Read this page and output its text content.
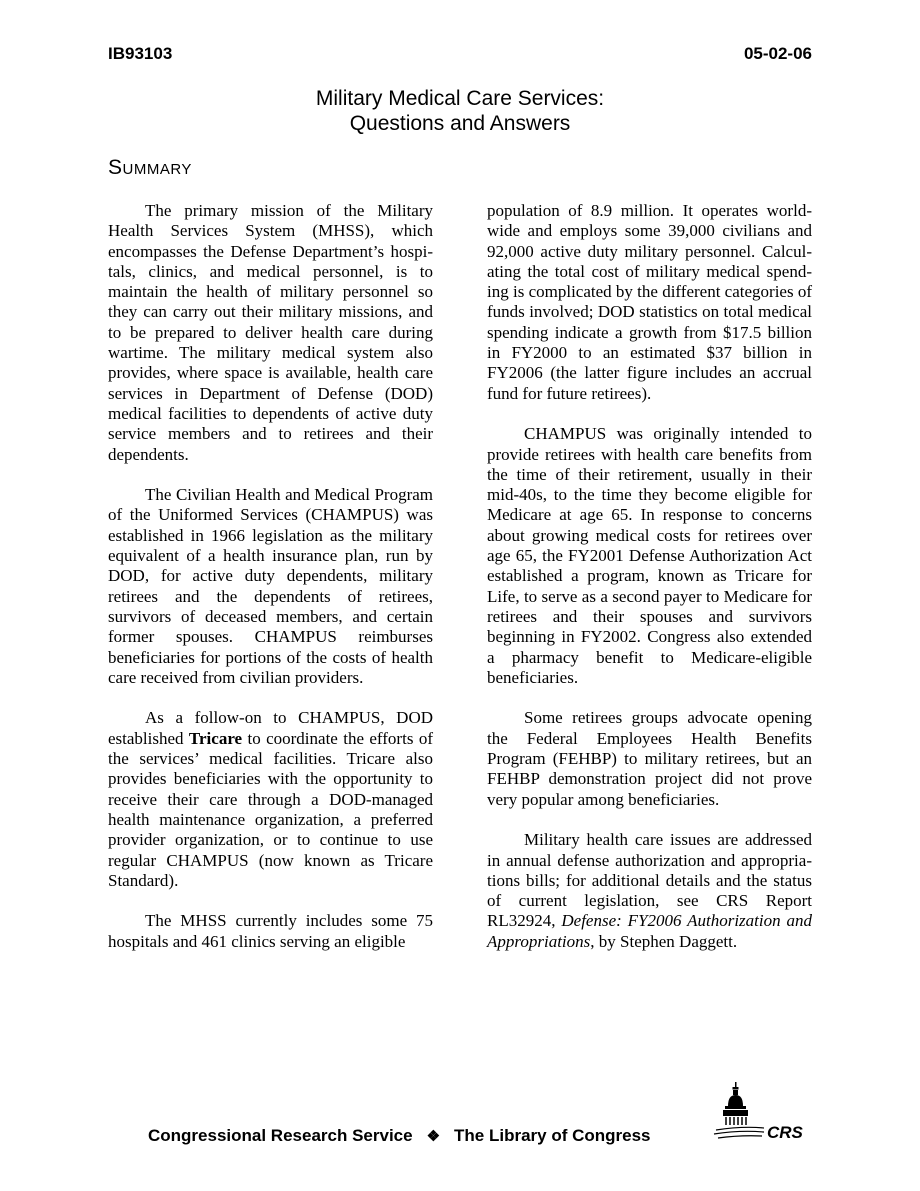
IB93103	05-02-06
Military Medical Care Services:
Questions and Answers
SUMMARY

The primary mission of the Military Health Services System (MHSS), which encompasses the Defense Department’s hospitals, clinics, and medical personnel, is to maintain the health of military personnel so they can carry out their military missions, and to be prepared to deliver health care during wartime. The military medical system also provides, where space is available, health care services in Department of Defense (DOD) medical facilities to dependents of active duty service members and to retirees and their dependents.

The Civilian Health and Medical Program of the Uniformed Services (CHAMPUS) was established in 1966 legislation as the military equivalent of a health insurance plan, run by DOD, for active duty dependents, military retirees and the dependents of retirees, survivors of deceased members, and certain former spouses. CHAMPUS reimburses beneficiaries for portions of the costs of health care received from civilian providers.

As a follow-on to CHAMPUS, DOD established Tricare to coordinate the efforts of the services’ medical facilities. Tricare also provides beneficiaries with the opportunity to receive their care through a DOD-managed health maintenance organization, a preferred provider organization, or to continue to use regular CHAMPUS (now known as Tricare Standard).

The MHSS currently includes some 75 hospitals and 461 clinics serving an eligible

population of 8.9 million. It operates worldwide and employs some 39,000 civilians and 92,000 active duty military personnel. Calculating the total cost of military medical spending is complicated by the different categories of funds involved; DOD statistics on total medical spending indicate a growth from $17.5 billion in FY2000 to an estimated $37 billion in FY2006 (the latter figure includes an accrual fund for future retirees).

CHAMPUS was originally intended to provide retirees with health care benefits from the time of their retirement, usually in their mid-40s, to the time they become eligible for Medicare at age 65. In response to concerns about growing medical costs for retirees over age 65, the FY2001 Defense Authorization Act established a program, known as Tricare for Life, to serve as a second payer to Medicare for retirees and their spouses and survivors beginning in FY2002. Congress also extended a pharmacy benefit to Medicare-eligible beneficiaries.

Some retirees groups advocate opening the Federal Employees Health Benefits Program (FEHBP) to military retirees, but an FEHBP demonstration project did not prove very popular among beneficiaries.

Military health care issues are addressed in annual defense authorization and appropriations bills; for additional details and the status of current legislation, see CRS Report RL32924, Defense: FY2006 Authorization and Appropriations, by Stephen Daggett.

Congressional Research Service ❖ The Library of Congress	CRS
